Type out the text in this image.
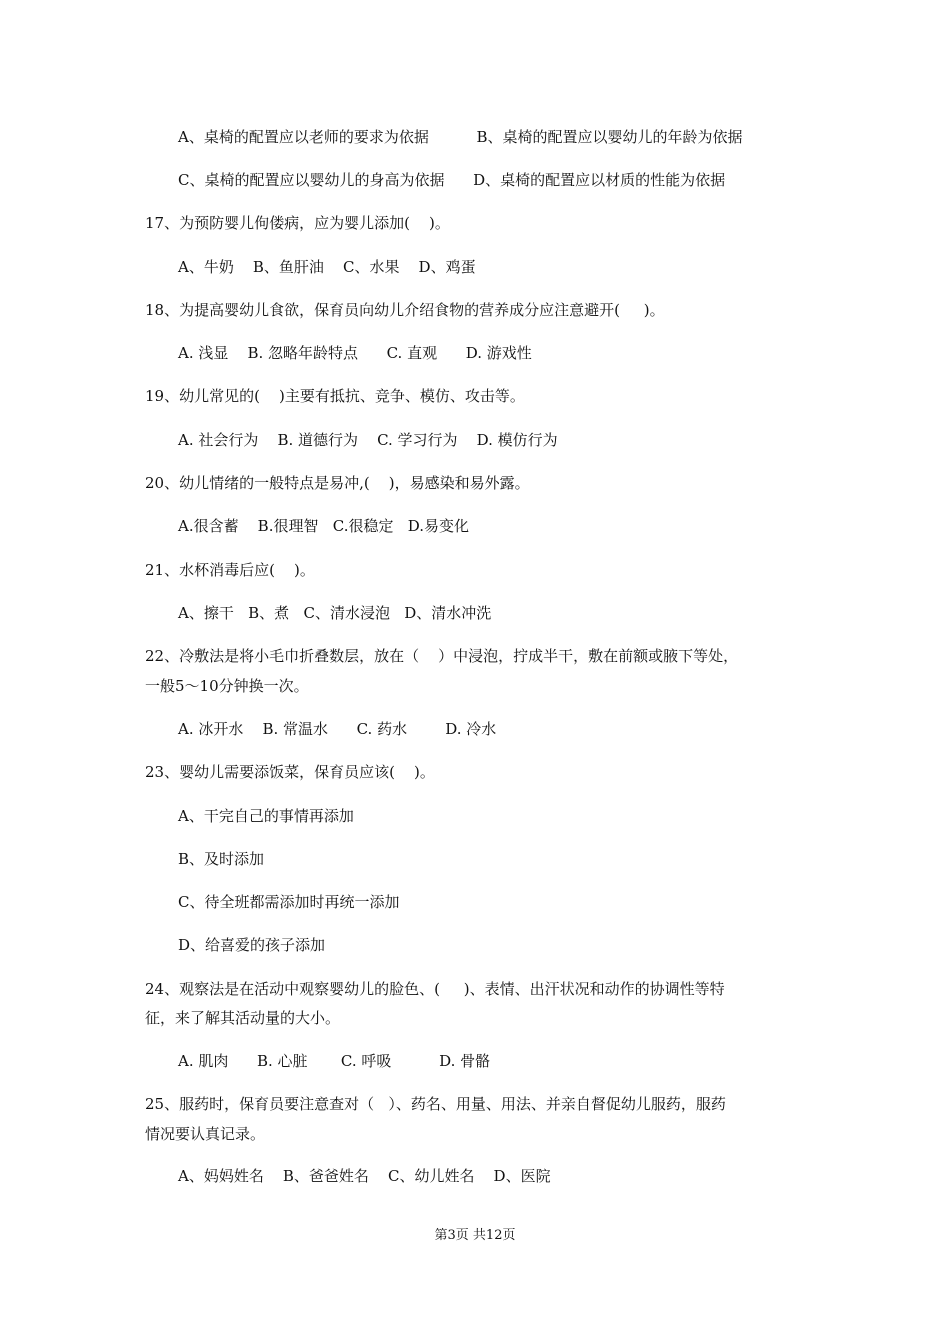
A、桌椅的配置应以老师的要求为依据          B、桌椅的配置应以婴幼儿的年龄为依据
C、桌椅的配置应以婴幼儿的身高为依据      D、桌椅的配置应以材质的性能为依据
17、为预防婴儿佝偻病，应为婴儿添加(    )。
A、牛奶    B、鱼肝油    C、水果    D、鸡蛋
18、为提高婴幼儿食欲，保育员向幼儿介绍食物的营养成分应注意避开(     )。
A. 浅显    B. 忽略年龄特点      C. 直观      D. 游戏性
19、幼儿常见的(    )主要有抵抗、竞争、模仿、攻击等。
A. 社会行为    B. 道德行为    C. 学习行为    D. 模仿行为
20、幼儿情绪的一般特点是易冲,(    )，易感染和易外露。
A.很含蓄    B.很理智   C.很稳定   D.易变化
21、水杯消毒后应(    )。
A、擦干   B、煮   C、清水浸泡   D、清水冲洗
22、冷敷法是将小毛巾折叠数层，放在（    ）中浸泡，拧成半干，敷在前额或腋下等处，
一般5～10分钟换一次。
A. 冰开水    B. 常温水      C. 药水        D. 冷水
23、婴幼儿需要添饭菜，保育员应该(    )。
A、干完自己的事情再添加
B、及时添加
C、待全班都需添加时再统一添加
D、给喜爱的孩子添加
24、观察法是在活动中观察婴幼儿的脸色、(     )、表情、出汗状况和动作的协调性等特
征，来了解其活动量的大小。
A. 肌肉      B. 心脏       C. 呼吸          D. 骨骼
25、服药时，保育员要注意查对（   ）、药名、用量、用法、并亲自督促幼儿服药，服药
情况要认真记录。
A、妈妈姓名    B、爸爸姓名    C、幼儿姓名    D、医院
第3页 共12页
